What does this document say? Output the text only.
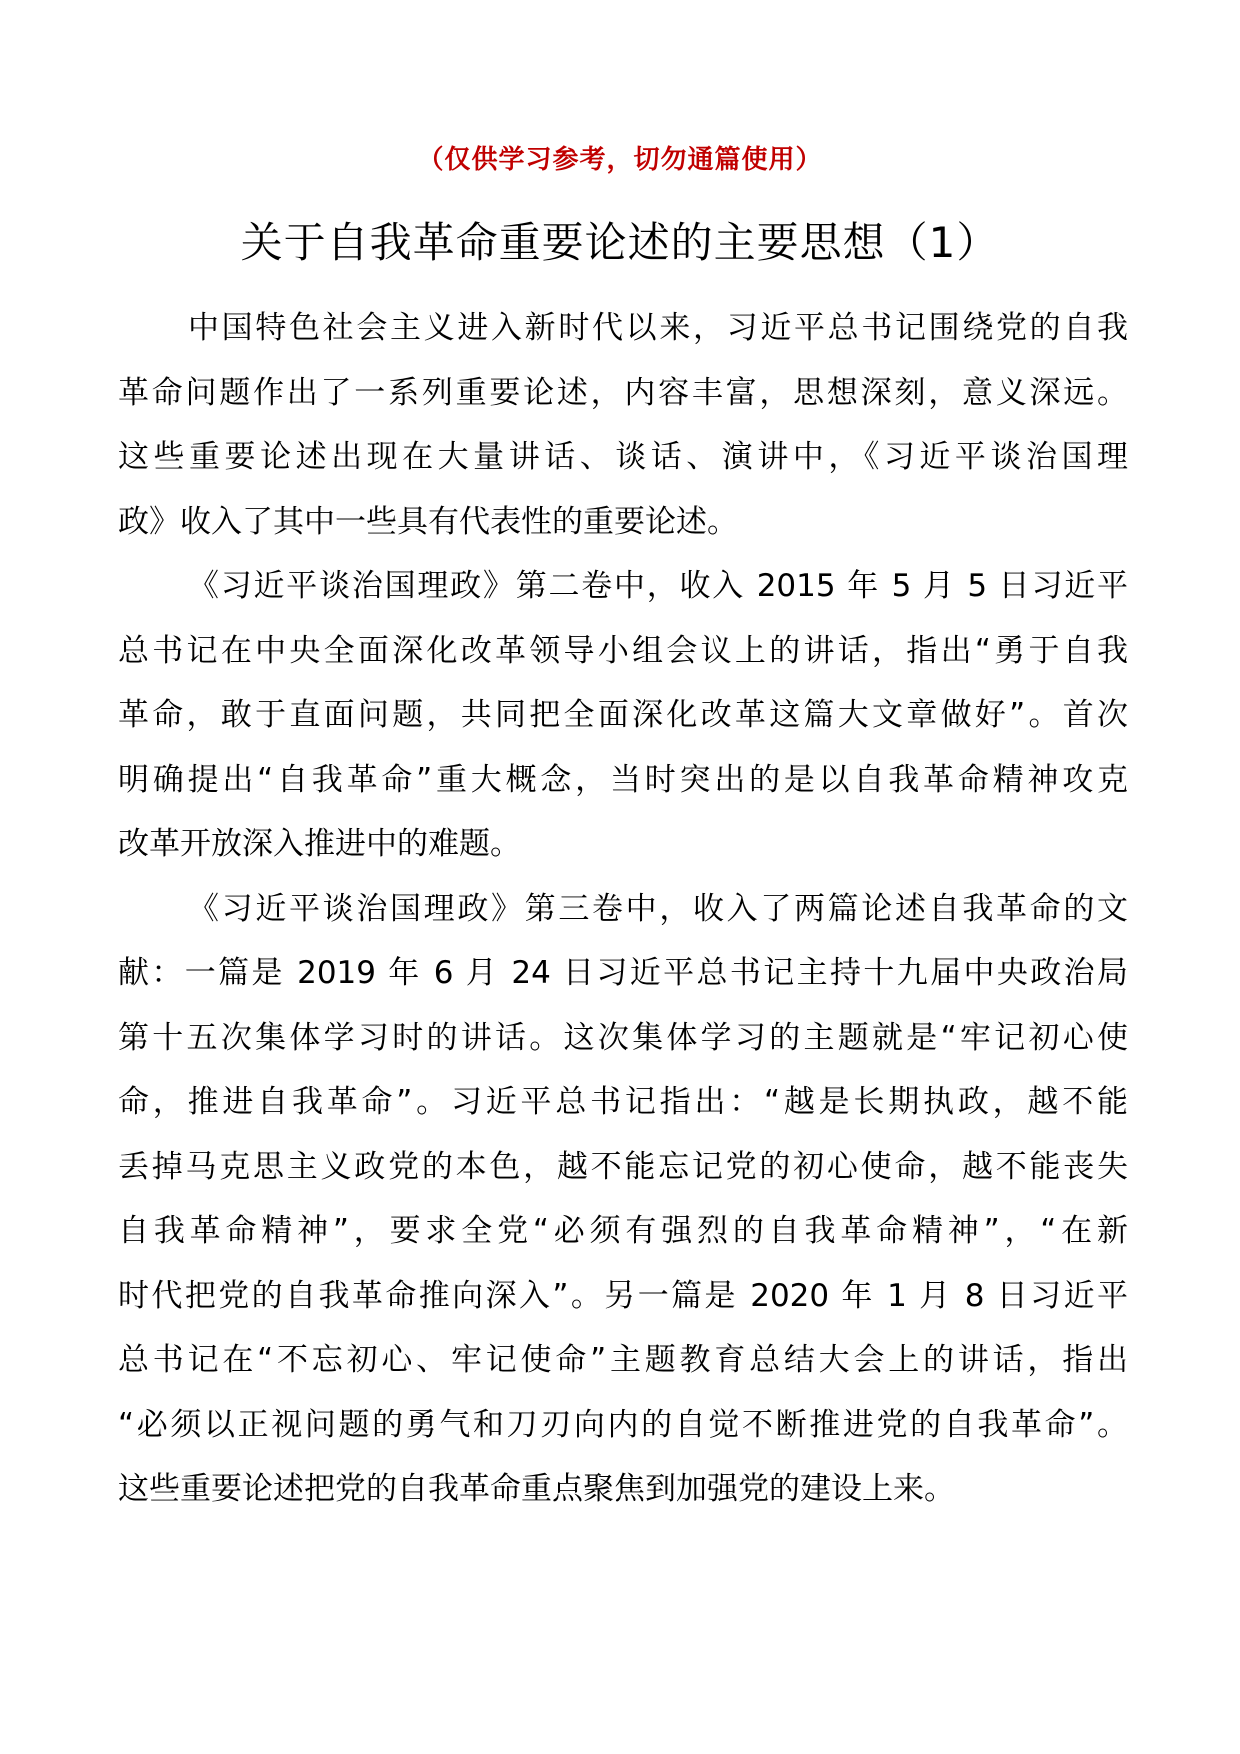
（仅供学习参考，切勿通篇使用）
关于自我革命重要论述的主要思想（1）
中国特色社会主义进入新时代以来，习近平总书记围绕党的自我
革命问题作出了一系列重要论述，内容丰富，思想深刻，意义深远。
这些重要论述出现在大量讲话、谈话、演讲中，《习近平谈治国理
政》收入了其中一些具有代表性的重要论述。
《习近平谈治国理政》第二卷中，收入 2015 年 5 月 5 日习近平
总书记在中央全面深化改革领导小组会议上的讲话，指出“勇于自我
革命，敢于直面问题，共同把全面深化改革这篇大文章做好”。首次
明确提出“自我革命”重大概念，当时突出的是以自我革命精神攻克
改革开放深入推进中的难题。
《习近平谈治国理政》第三卷中，收入了两篇论述自我革命的文
献：一篇是 2019 年 6 月 24 日习近平总书记主持十九届中央政治局
第十五次集体学习时的讲话。这次集体学习的主题就是“牢记初心使
命，推进自我革命”。习近平总书记指出：“越是长期执政，越不能
丢掉马克思主义政党的本色，越不能忘记党的初心使命，越不能丧失
自我革命精神”，要求全党“必须有强烈的自我革命精神”，“在新
时代把党的自我革命推向深入”。另一篇是 2020 年 1 月 8 日习近平
总书记在“不忘初心、牢记使命”主题教育总结大会上的讲话，指出
“必须以正视问题的勇气和刀刃向内的自觉不断推进党的自我革命”。
这些重要论述把党的自我革命重点聚焦到加强党的建设上来。
